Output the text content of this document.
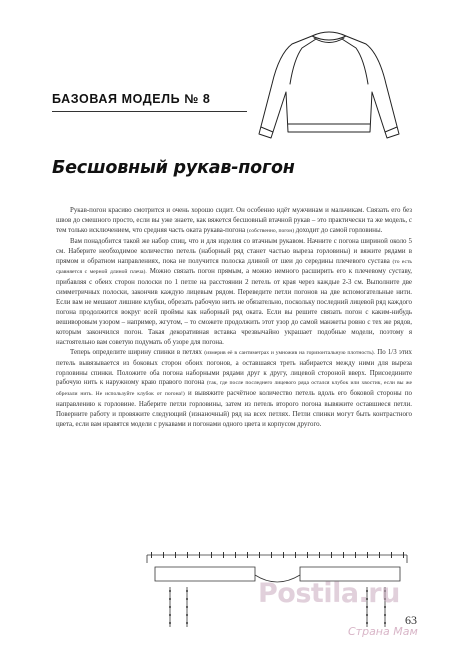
БАЗОВАЯ МОДЕЛЬ № 8
Бесшовный рукав-погон

Рукав-погон красиво смотрится и очень хорошо сидит. Он особенно идёт мужчинам и мальчикам. Связать его без швов до смешного просто, если вы уже знаете, как вяжется бесшовный втачной рукав – это практически та же модель, с тем только исключением, что средняя часть оката рукава-погона (собственно, погон) доходит до самой горловины.

Вам понадобится такой же набор спиц, что и для изделия со втачным рукавом. Начните с погона шириной около 5 см. Наберите необходимое количество петель (наборный ряд станет частью выреза горловины) и вяжите рядами в прямом и обратном направлениях, пока не получится полоска длиной от шеи до середины плечевого сустава (то есть сравняется с мерной длиной плеча). Можно связать погон прямым, а можно немного расширить его к плечевому суставу, прибавляя с обеих сторон полоски по 1 петле на расстоянии 2 петель от края через каждые 2-3 см. Выполните две симметричных полоски, закончив каждую лицевым рядом. Переведите петли погонов на две вспомогательные нити. Если вам не мешают лишние клубки, обрезать рабочую нить не обязательно, поскольку последний лицевой ряд каждого погона продолжится вокруг всей проймы как наборный ряд оката. Если вы решите связать погон с каким-нибудь вешиворовым узором – например, жгутом, – то сможете продолжить этот узор до самой манжеты ровно с тех же рядов, которым закончился погон. Такая декоративная вставка чрезвычайно украшает подобные модели, поэтому я настоятельно вам советую подумать об узоре для погона.

Теперь определите ширину спинки в петлях (измерив её в сантиметрах и умножив на горизонтальную плотность). По 1/3 этих петель вывязывается из боковых сторон обоих погонов, а оставшаяся треть набирается между ними для выреза горловины спинки. Положите оба погона наборными рядами друг к другу, лицевой стороной вверх. Присоедините рабочую нить к наружному краю правого погона (так, где после последнего лицевого ряда остался клубок или хвостик, если вы же обрезали нить. Не используйте клубок от погона!) и вывяжите расчётное количество петель вдоль его боковой стороны по направлению к горловине. Наберите петли горловины, затем из петель второго погона вывяжите оставшиеся петли. Поверните работу и провяжите следующий (изнаночный) ряд на всех петлях. Петли спинки могут быть контрастного цвета, если вам нравятся модели с рукавами и погонами одного цвета и корпусом другого.

Postila.ru
Страна Мам
63
